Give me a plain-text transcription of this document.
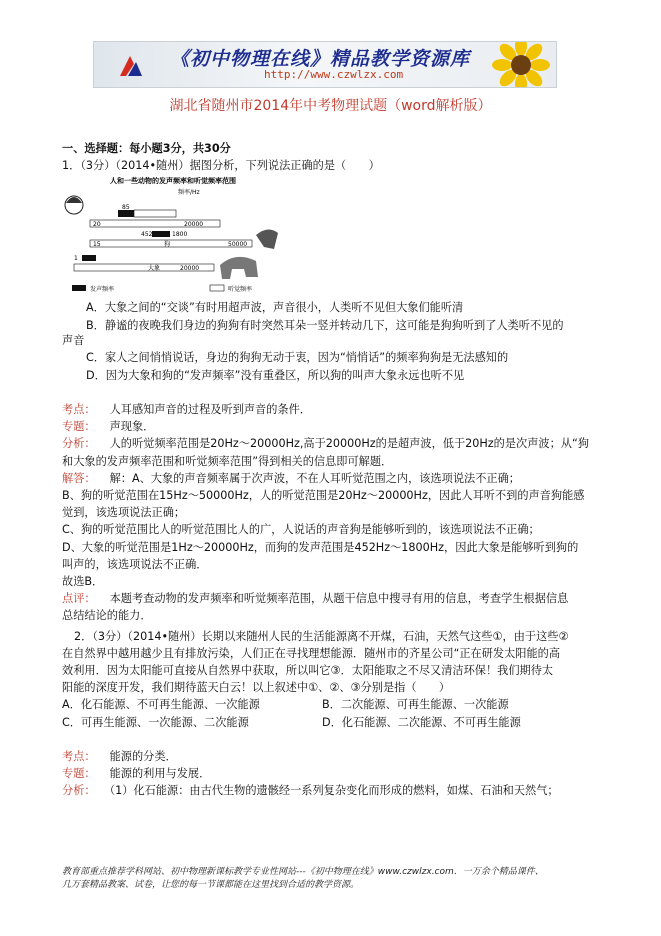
《初中物理在线》精品教学资源库
http://www.czwlzx.com
湖北省随州市2014年中考物理试题（word解析版）
一、选择题：每小题3分，共30分
1．（3分）（2014•随州）据图分析，下列说法正确的是（　　）
人和一些动物的发声频率和听觉频率范围
频率/Hz
85
1100
20	20000
452	1800
15	狗	50000
1
20000
大象
发声频率	听觉频率
A．大象之间的“交谈”有时用超声波，声音很小，人类听不见但大象们能听清
B．静谧的夜晚我们身边的狗狗有时突然耳朵一竖并转动几下，这可能是狗狗听到了人类听不见的
声音
C．家人之间悄悄说话，身边的狗狗无动于衷，因为“悄悄话”的频率狗狗是无法感知的
D．因为大象和狗的“发声频率”没有重叠区，所以狗的叫声大象永远也听不见
考点： 人耳感知声音的过程及听到声音的条件．
专题： 声现象．
分析： 人的听觉频率范围是20Hz～20000Hz,高于20000Hz的是超声波，低于20Hz的是次声波；从“狗
和大象的发声频率范围和听觉频率范围”得到相关的信息即可解题．
解答： 解：A、大象的声音频率属于次声波，不在人耳听觉范围之内，该选项说法不正确；
B、狗的听觉范围在15Hz～50000Hz，人的听觉范围是20Hz～20000Hz，因此人耳听不到的声音狗能感
觉到，该选项说法正确；
C、狗的听觉范围比人的听觉范围比人的广，人说话的声音狗是能够听到的，该选项说法不正确；
D、大象的听觉范围是1Hz～20000Hz，而狗的发声范围是452Hz～1800Hz，因此大象是能够听到狗的
叫声的，该选项说法不正确．
故选B．
点评： 本题考查动物的发声频率和听觉频率范围，从题干信息中搜寻有用的信息，考查学生根据信息
总结结论的能力．
2．（3分）（2014•随州）长期以来随州人民的生活能源离不开煤，石油，天然气这些①，由于这些②
在自然界中越用越少且有排放污染，人们正在寻找理想能源．随州市的齐星公司“正在研发太阳能的高
效利用．因为太阳能可直接从自然界中获取，所以叫它③．太阳能取之不尽又清洁环保！我们期待太
阳能的深度开发，我们期待蓝天白云！以上叙述中①、②、③分别是指（　　）
A．化石能源、不可再生能源、一次能源	B．二次能源、可再生能源、一次能源
C．可再生能源、一次能源、二次能源	D．化石能源、二次能源、不可再生能源
考点： 能源的分类．
专题： 能源的利用与发展．
分析： （1）化石能源：由古代生物的遗骸经一系列复杂变化而形成的燃料，如煤、石油和天然气；
教育部重点推荐学科网站、初中物理新课标教学专业性网站---《初中物理在线》www.czwlzx.com．一万余个精品课件、
几万套精品教案、试卷，让您的每一节课都能在这里找到合适的教学资源。
